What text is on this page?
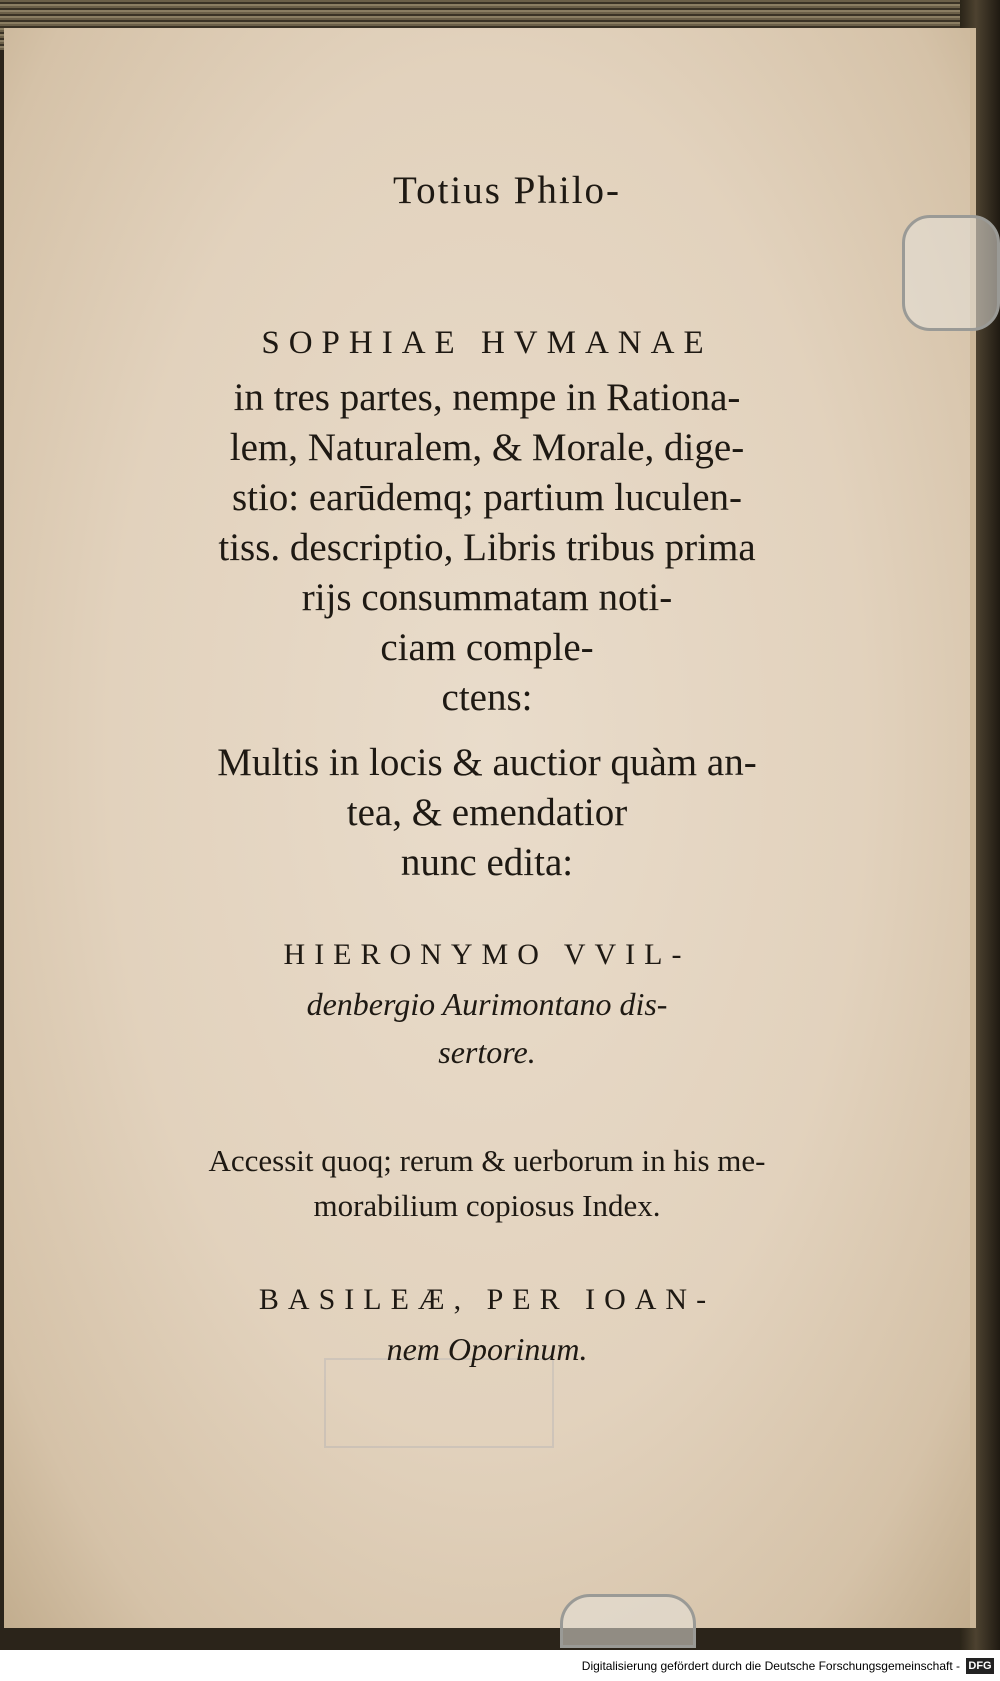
Totius Philo-
SOPHIAE HVMANAE
in tres partes, nempe in Rationa-
lem, Naturalem, & Morale, dige-
stio: earūdemq; partium luculen-
tiss. descriptio, Libris tribus prima
rijs consummatam noti-
ciam comple-
ctens:
Multis in locis & auctior quàm an-
tea, & emendatior
nunc edita:
HIERONYMO VVIL-
denbergio Aurimontano dis-
sertore.
Accessit quoq; rerum & uerborum in his me-
morabilium copiosus Index.
BASILEÆ, PER IOAN-
nem Oporinum.
Digitalisierung gefördert durch die Deutsche Forschungsgemeinschaft - DFG
